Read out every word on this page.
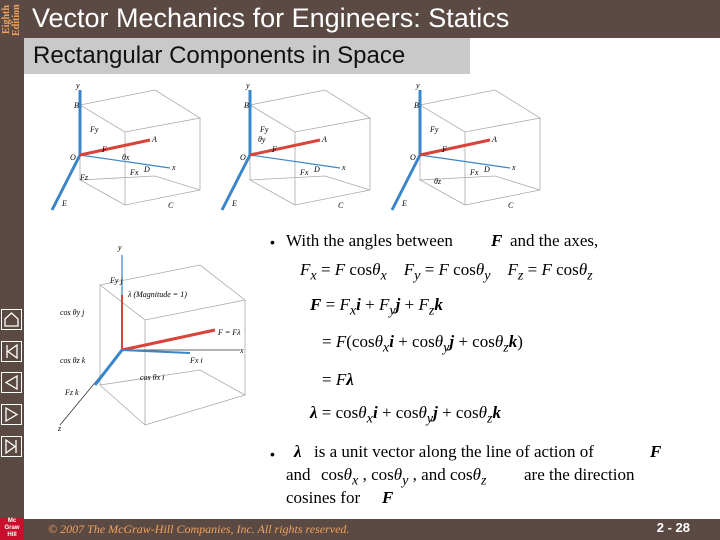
Eighth Edition Vector Mechanics for Engineers: Statics
Rectangular Components in Space
B
O
A
F
θx
Fx
Fy
Fz
x
y
C
E
D
B
O
A
F
θy
Fx
Fy
x
y
C
E
D
B
O
A
F
θz
Fx
Fy
x
y
C
E
D
Fy j
λ (Magnitude = 1)
F = Fλ
cos θy j
cos θx i
cos θz k
Fz k
Fx i
x
y
z
• With the angles between F and the axes,
$F_x = F$ cosθ$_x$ $F_y = F$ cosθ$_y$ $F_z = F$ cosθ$_z$
$F = F_xi + F_yj + F_zk$
= F(cosθ$_x$i + cosθ$_y$j + cosθ$_z$k)
= Fλ
λ = cosθ$_x$i + cosθ$_y$j + cosθ$_z$k
• λ is a unit vector along the line of action of	F
and cosθ$_x$ , cosθ$_y$ , and cosθ$_z$ are the direction
cosines for F
Mc Graw Hill	© 2007 The McGraw-Hill Companies, Inc. All rights reserved.	2 - 28
